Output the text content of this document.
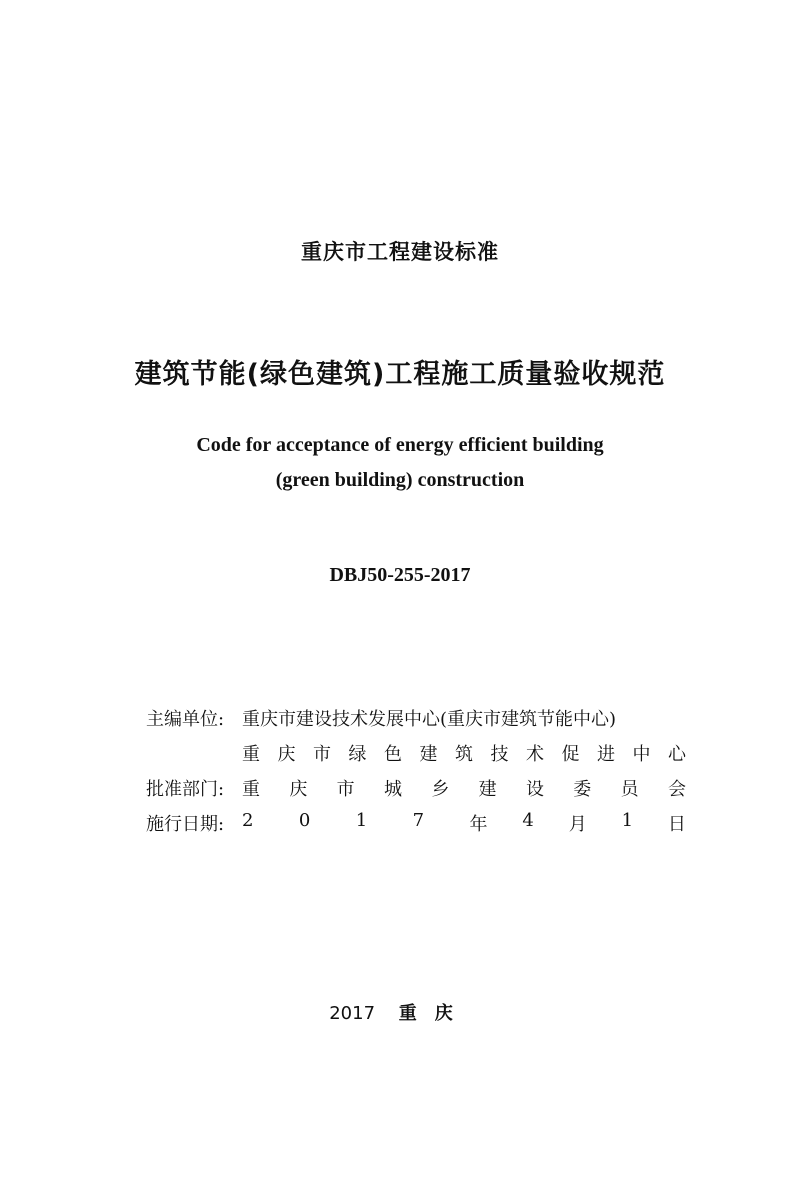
重庆市工程建设标准
建筑节能(绿色建筑)工程施工质量验收规范
Code for acceptance of energy efficient building
(green building) construction
DBJ50-255-2017
主编单位: 重庆市建设技术发展中心(重庆市建筑节能中心)
重 庆 市 绿 色 建 筑 技 术 促 进 中 心
批准部门: 重 庆 市 城 乡 建 设 委 员 会
施行日期: 2	0	1	7	年 4 月 1 日
2017 重庆
